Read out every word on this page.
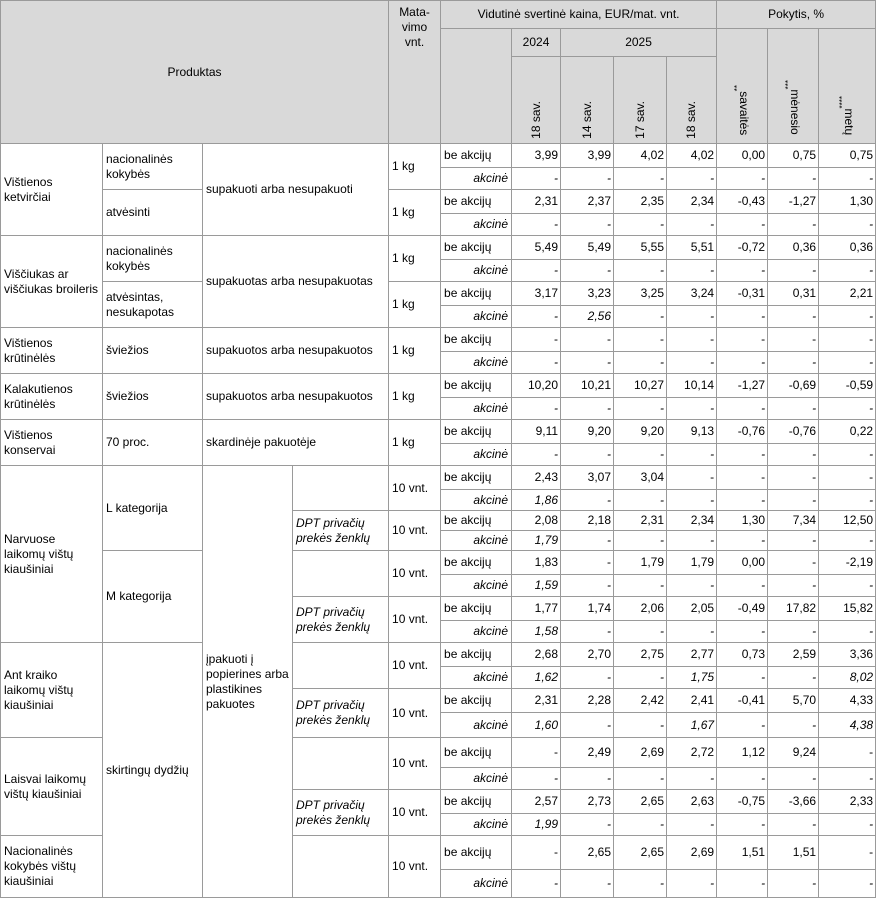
Produktas				Mata-vimo vnt.	Vidutinė svertinė kaina, EUR/mat. vnt.					Pokytis, %		
						2024	2025			savaitės**	mėnesio***	metų****
						18 sav.	14 sav.	17 sav.	18 sav.			
Vištienos ketvirčiai	nacionalinės kokybės	supakuoti arba nesupakuoti		1 kg	be akcijų	3,99	3,99	4,02	4,02	0,00	0,75	0,75
					akcinė	-	-	-	-	-	-	-
	atvėsinti			1 kg	be akcijų	2,31	2,37	2,35	2,34	-0,43	-1,27	1,30
					akcinė	-	-	-	-	-	-	-
Viščiukas ar viščiukas broileris	nacionalinės kokybės	supakuotas arba nesupakuotas		1 kg	be akcijų	5,49	5,49	5,55	5,51	-0,72	0,36	0,36
					akcinė	-	-	-	-	-	-	-
	atvėsintas, nesukapotas			1 kg	be akcijų	3,17	3,23	3,25	3,24	-0,31	0,31	2,21
					akcinė	-	2,56	-	-	-	-	-
Vištienos krūtinėlės	šviežios	supakuotos arba nesupakuotos		1 kg	be akcijų	-	-	-	-	-	-	-
					akcinė	-	-	-	-	-	-	-
Kalakutienos krūtinėlės	šviežios	supakuotos arba nesupakuotos		1 kg	be akcijų	10,20	10,21	10,27	10,14	-1,27	-0,69	-0,59
					akcinė	-	-	-	-	-	-	-
Vištienos konservai	70 proc.	skardinėje pakuotėje		1 kg	be akcijų	9,11	9,20	9,20	9,13	-0,76	-0,76	0,22
					akcinė	-	-	-	-	-	-	-
Narvuose laikomų vištų kiaušiniai	L kategorija	įpakuoti į popierines arba plastikines pakuotes		10 vnt.	be akcijų	2,43	3,07	3,04	-	-	-	-
					akcinė	1,86	-	-	-	-	-	-
			DPT privačių prekės ženklų	10 vnt.	be akcijų	2,08	2,18	2,31	2,34	1,30	7,34	12,50
					akcinė	1,79	-	-	-	-	-	-
	M kategorija			10 vnt.	be akcijų	1,83	-	1,79	1,79	0,00	-	-2,19
					akcinė	1,59	-	-	-	-	-	-
			DPT privačių prekės ženklų	10 vnt.	be akcijų	1,77	1,74	2,06	2,05	-0,49	17,82	15,82
					akcinė	1,58	-	-	-	-	-	-
Ant kraiko laikomų vištų kiaušiniai	skirtingų dydžių			10 vnt.	be akcijų	2,68	2,70	2,75	2,77	0,73	2,59	3,36
					akcinė	1,62	-	-	1,75	-	-	8,02
			DPT privačių prekės ženklų	10 vnt.	be akcijų	2,31	2,28	2,42	2,41	-0,41	5,70	4,33
					akcinė	1,60	-	-	1,67	-	-	4,38
Laisvai laikomų vištų kiaušiniai				10 vnt.	be akcijų	-	2,49	2,69	2,72	1,12	9,24	-
					akcinė	-	-	-	-	-	-	-
			DPT privačių prekės ženklų	10 vnt.	be akcijų	2,57	2,73	2,65	2,63	-0,75	-3,66	2,33
					akcinė	1,99	-	-	-	-	-	-
Nacionalinės kokybės vištų kiaušiniai				10 vnt.	be akcijų	-	2,65	2,65	2,69	1,51	1,51	-
					akcinė	-	-	-	-	-	-	-
